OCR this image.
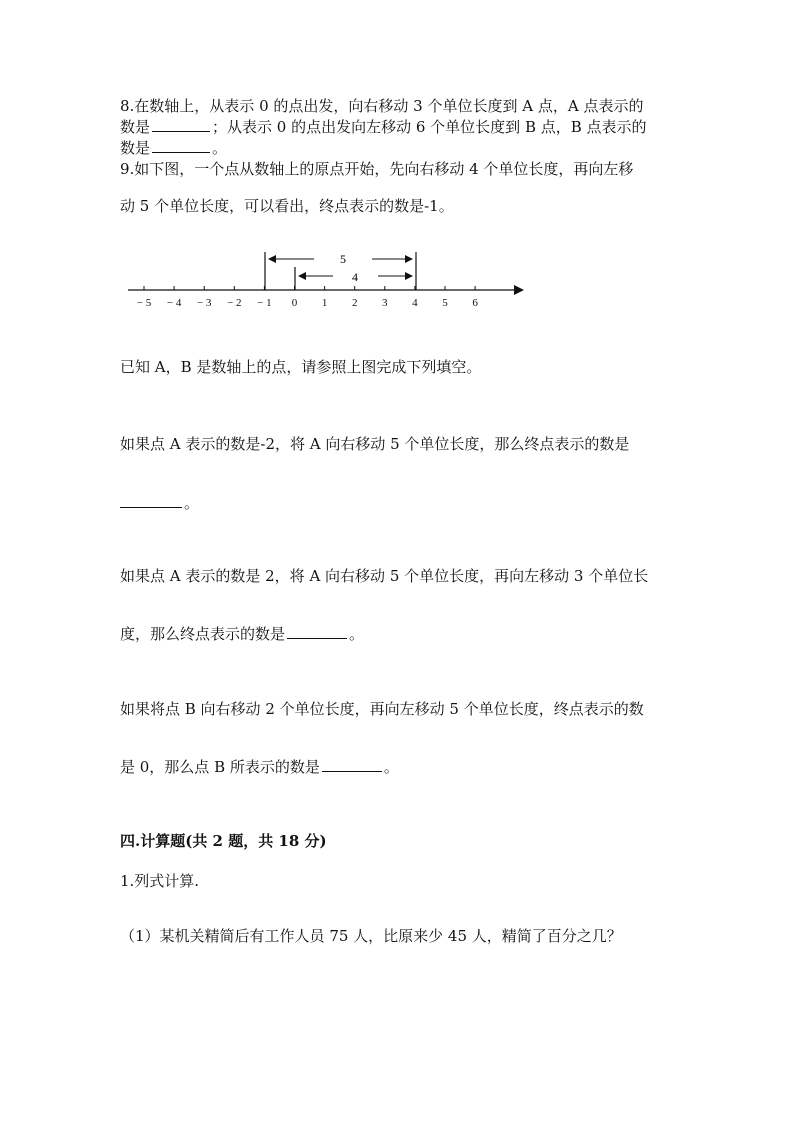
8.在数轴上，从表示 0 的点出发，向右移动 3 个单位长度到 A 点，A 点表示的
数是	；从表示 0 的点出发向左移动 6 个单位长度到 B 点，B 点表示的
数是	。
9.如下图，一个点从数轴上的原点开始，先向右移动 4 个单位长度，再向左移
动 5 个单位长度，可以看出，终点表示的数是-1。
− 5 − 4 − 3 − 2 − 1 0 1 2 3 4 5 6
5
4
已知 A，B 是数轴上的点，请参照上图完成下列填空。
如果点 A 表示的数是-2，将 A 向右移动 5 个单位长度，那么终点表示的数是
。
如果点 A 表示的数是 2，将 A 向右移动 5 个单位长度，再向左移动 3 个单位长
度，那么终点表示的数是	。
如果将点 B 向右移动 2 个单位长度，再向左移动 5 个单位长度，终点表示的数
是 0，那么点 B 所表示的数是	。
四.计算题(共 2 题，共 18 分)
1.列式计算.
（1）某机关精简后有工作人员 75 人，比原来少 45 人，精简了百分之几？
